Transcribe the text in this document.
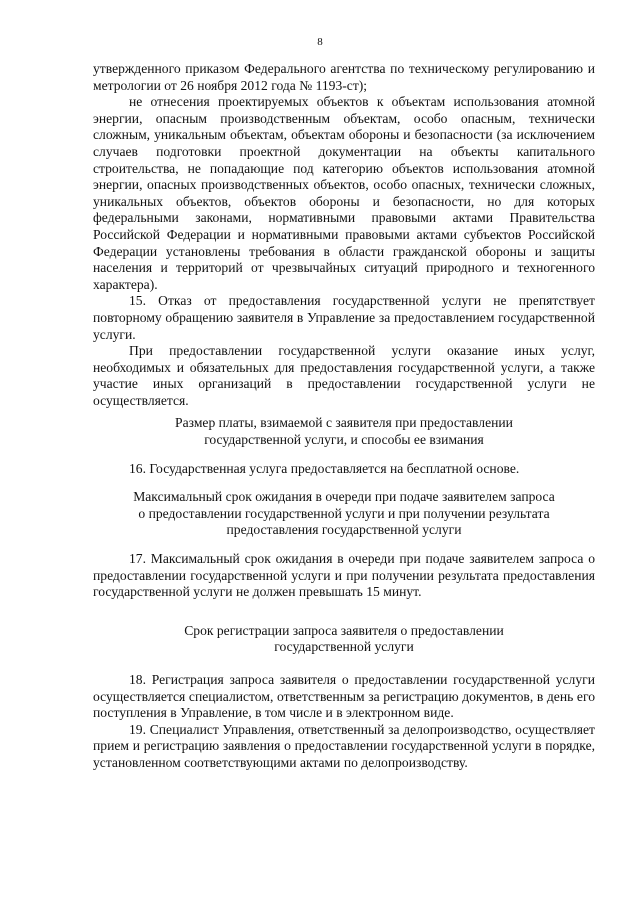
8

утвержденного приказом Федерального агентства по техническому регулированию и метрологии от 26 ноября 2012 года № 1193-ст);

не отнесения проектируемых объектов к объектам использования атомной энергии, опасным производственным объектам, особо опасным, технически сложным, уникальным объектам, объектам обороны и безопасности (за исключением случаев подготовки проектной документации на объекты капитального строительства, не попадающие под категорию объектов использования атомной энергии, опасных производственных объектов, особо опасных, технически сложных, уникальных объектов, объектов обороны и безопасности, но для которых федеральными законами, нормативными правовыми актами Правительства Российской Федерации и нормативными правовыми актами субъектов Российской Федерации установлены требования в области гражданской обороны и защиты населения и территорий от чрезвычайных ситуаций природного и техногенного характера).

15. Отказ от предоставления государственной услуги не препятствует повторному обращению заявителя в Управление за предоставлением государственной услуги.

При предоставлении государственной услуги оказание иных услуг, необходимых и обязательных для предоставления государственной услуги, а также участие иных организаций в предоставлении государственной услуги не осуществляется.

Размер платы, взимаемой с заявителя при предоставлении
государственной услуги, и способы ее взимания

16. Государственная услуга предоставляется на бесплатной основе.

Максимальный срок ожидания в очереди при подаче заявителем запроса
о предоставлении государственной услуги и при получении результата
предоставления государственной услуги

17. Максимальный срок ожидания в очереди при подаче заявителем запроса о предоставлении государственной услуги и при получении результата предоставления государственной услуги не должен превышать 15 минут.

Срок регистрации запроса заявителя о предоставлении
государственной услуги

18. Регистрация запроса заявителя о предоставлении государственной услуги осуществляется специалистом, ответственным за регистрацию документов, в день его поступления в Управление, в том числе и в электронном виде.

19. Специалист Управления, ответственный за делопроизводство, осуществляет прием и регистрацию заявления о предоставлении государственной услуги в порядке, установленном соответствующими актами по делопроизводству.
